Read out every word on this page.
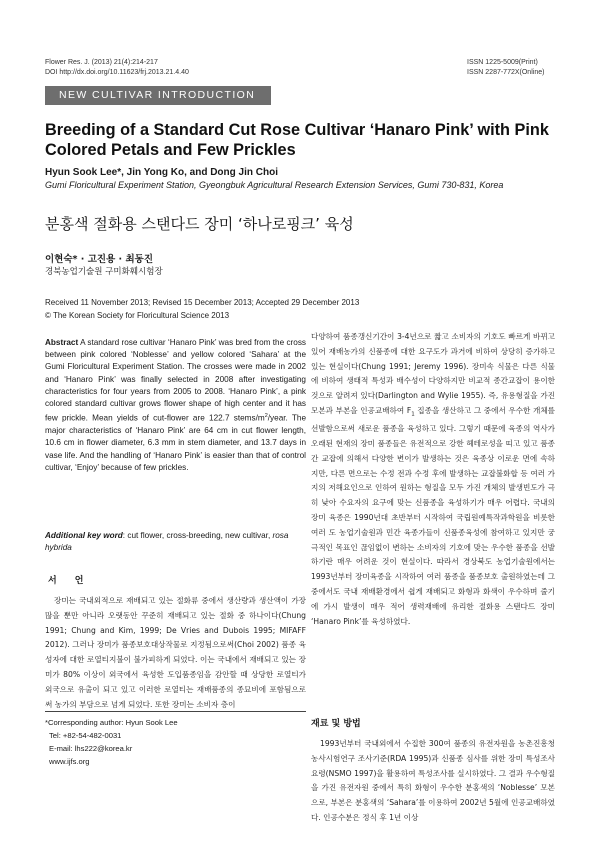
Flower Res. J. (2013) 21(4):214-217
DOI http://dx.doi.org/10.11623/frj.2013.21.4.40
ISSN 1225-5009(Print)
ISSN 2287-772X(Online)
NEW CULTIVAR INTRODUCTION
Breeding of a Standard Cut Rose Cultivar ‘Hanaro Pink’ with Pink Colored Petals and Few Prickles
Hyun Sook Lee*, Jin Yong Ko, and Dong Jin Choi
Gumi Floricultural Experiment Station, Gyeongbuk Agricultural Research Extension Services, Gumi 730-831, Korea
분홍색 절화용 스탠다드 장미 ‘하나로핑크’ 육성
이현숙* · 고진용 · 최동진
경북농업기술원 구미화훼시험장
Received 11 November 2013; Revised 15 December 2013; Accepted 29 December 2013
© The Korean Society for Floricultural Science 2013
Abstract A standard rose cultivar ‘Hanaro Pink’ was bred from the cross between pink colored ‘Noblesse’ and yellow colored ‘Sahara’ at the Gumi Floricultural Experiment Station. The crosses were made in 2002 and ‘Hanaro Pink’ was finally selected in 2008 after investigating characteristics for four years from 2005 to 2008. ‘Hanaro Pink’, a pink colored standard cultivar grows flower shape of high center and it has few prickle. Mean yields of cut-flower are 122.7 stems/$m^2$/year. The major characteristics of ‘Hanaro Pink’ are 64 cm in cut flower length, 10.6 cm in flower diameter, 6.3 mm in stem diameter, and 13.7 days in vase life. And the handling of ‘Hanaro Pink’ is easier than that of control cultivar, ‘Enjoy’ because of few prickles.
Additional key word: cut flower, cross-breeding, new cultivar, rosa hybrida
서　　언

장미는 국내외적으로 재배되고 있는 절화류 중에서 생산량과 생산액이 가장 많을 뿐만 아니라 오랫동안 꾸준히 재배되고 있는 절화 중 하나이다(Chung 1991; Chung and Kim, 1999; De Vries and Dubois 1995; MIFAFF 2012). 그러나 장미가 품종보호대상작물로 지정됨으로써(Choi 2002) 품종 육성자에 대한 로열티지불이 불가피하게 되었다. 이는 국내에서 재배되고 있는 장미가 80% 이상이 외국에서 육성한 도입품종임을 감안할 때 상당한 로열티가 외국으로 유출이 되고 있고 이러한 로열티는 재배품종의 종묘비에 포함됨으로써 농가의 부담으로 넘게 되었다. 또한 장미는 소비자 층이

*Corresponding author: Hyun Sook Lee
Tel: +82-54-482-0031
E-mail: lhs222@korea.kr
www.ijfs.org

다양하여 품종갱신기간이 3-4년으로 짧고 소비자의 기호도 빠르게 바뀌고 있어 재배농가의 신품종에 대한 요구도가 과거에 비하여 상당히 증가하고 있는 현실이다(Chung 1991; Jeremy 1996). 장미속 식물은 다른 식물에 비하여 생태적 특성과 배수성이 다양하지만 비교적 종간교잡이 용이한 것으로 알려져 있다(Darlington and Wylie 1955). 즉, 유용형질을 가진 모본과 부본을 인공교배하여 $F_1$ 집종을 생산하고 그 중에서 우수한 개체를 선발함으로써 새로운 품종을 육성하고 있다. 그렇기 때문에 육종의 역사가 오래된 현재의 장미 품종들은 유전적으로 강한 헤테로성을 띠고 있고 품종간 교잡에 의해서 다양한 변이가 발생하는 것은 육종상 이로운 면에 속하지만, 다른 면으로는 수정 전과 수정 후에 발생하는 교잡불화합 등 여러 가지의 저해요인으로 인하여 원하는 형질을 모두 가진 개체의 발생빈도가 극히 낮아 수요자의 요구에 맞는 신품종을 육성하기가 매우 어렵다. 국내의 장미 육종은 1990년대 초반부터 시작하여 국립원예특작과학원을 비롯한 여러 도 농업기술원과 민간 육종가들이 신품종육성에 참여하고 있지만 궁극적인 목표인 끊임없이 변하는 소비자의 기호에 맞는 우수한 품종을 선발하기란 매우 어려운 것이 현실이다. 따라서 경상북도 농업기술원에서는 1993년부터 장미육종을 시작하여 여러 품종을 품종보호 출원하였는데 그 중에서도 국내 재배환경에서 쉽게 재배되고 화형과 화색이 우수하며 줄기에 가시 발생이 매우 적어 생력재배에 유리한 절화용 스탠다드 장미 ‘Hanaro Pink’를 육성하였다.

재료 및 방법

1993년부터 국내외에서 수집한 300여 품종의 유전자원을 농촌진흥청 농사시험연구 조사기준(RDA 1995)과 신품종 심사를 위한 장미 특성조사요령(NSMO 1997)을 활용하여 특성조사를 실시하였다. 그 결과 우수형질을 가진 유전자원 중에서 특히 화형이 우수한 분홍색의 ‘Noblesse’ 모본으로, 부본은 분홍색의 ‘Sahara’를 이용하여 2002년 5월에 인공교배하였다. 인공수분은 정식 후 1년 이상
